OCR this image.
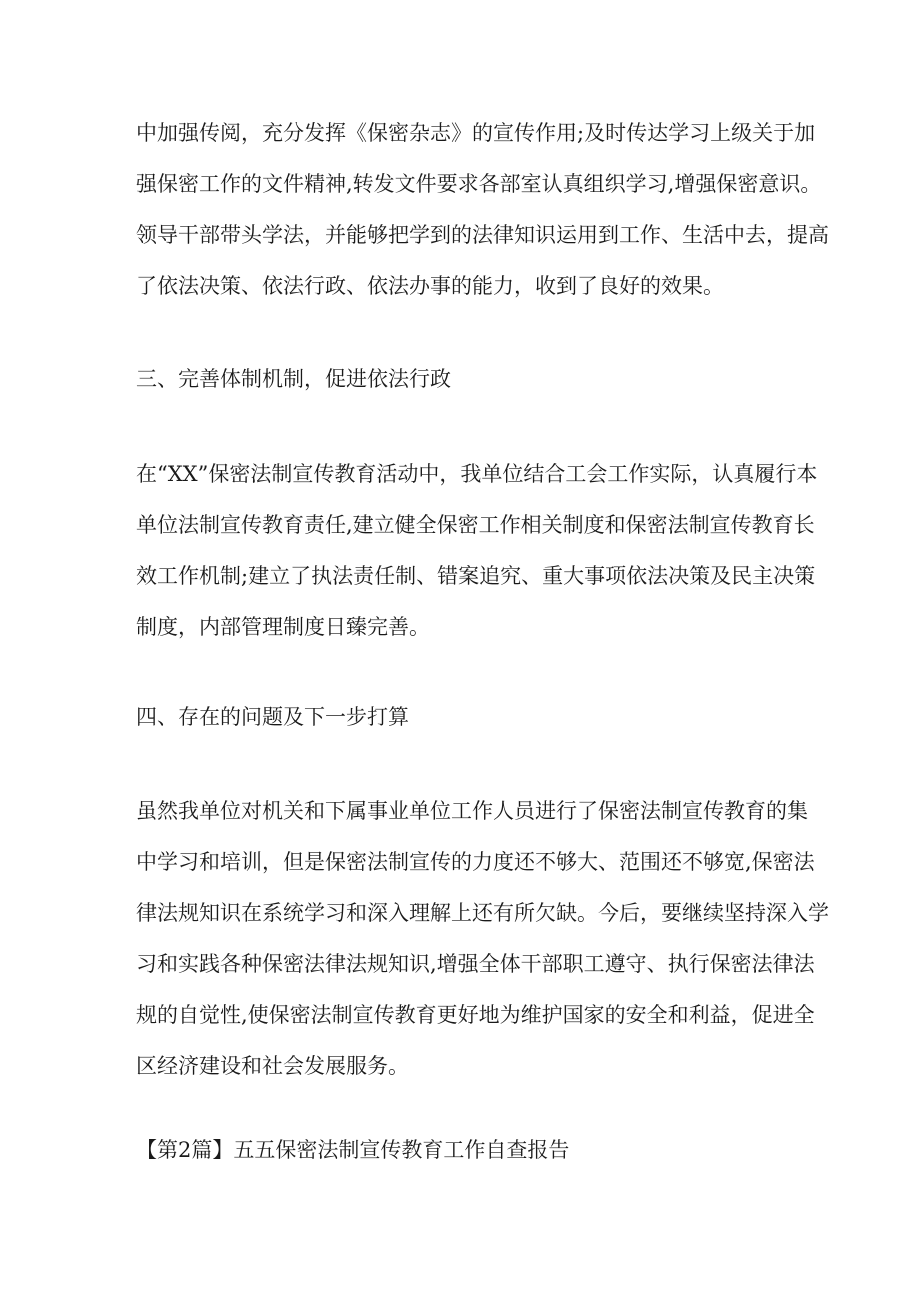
中加强传阅，充分发挥《保密杂志》的宣传作用;及时传达学习上级关于加
强保密工作的文件精神,转发文件要求各部室认真组织学习,增强保密意识。
领导干部带头学法，并能够把学到的法律知识运用到工作、生活中去，提高
了依法决策、依法行政、依法办事的能力，收到了良好的效果。

三、完善体制机制，促进依法行政

在“XX”保密法制宣传教育活动中，我单位结合工会工作实际，认真履行本
单位法制宣传教育责任,建立健全保密工作相关制度和保密法制宣传教育长
效工作机制;建立了执法责任制、错案追究、重大事项依法决策及民主决策
制度，内部管理制度日臻完善。

四、存在的问题及下一步打算

虽然我单位对机关和下属事业单位工作人员进行了保密法制宣传教育的集
中学习和培训，但是保密法制宣传的力度还不够大、范围还不够宽,保密法
律法规知识在系统学习和深入理解上还有所欠缺。今后，要继续坚持深入学
习和实践各种保密法律法规知识,增强全体干部职工遵守、执行保密法律法
规的自觉性,使保密法制宣传教育更好地为维护国家的安全和利益，促进全
区经济建设和社会发展服务。

【第2篇】五五保密法制宣传教育工作自查报告
